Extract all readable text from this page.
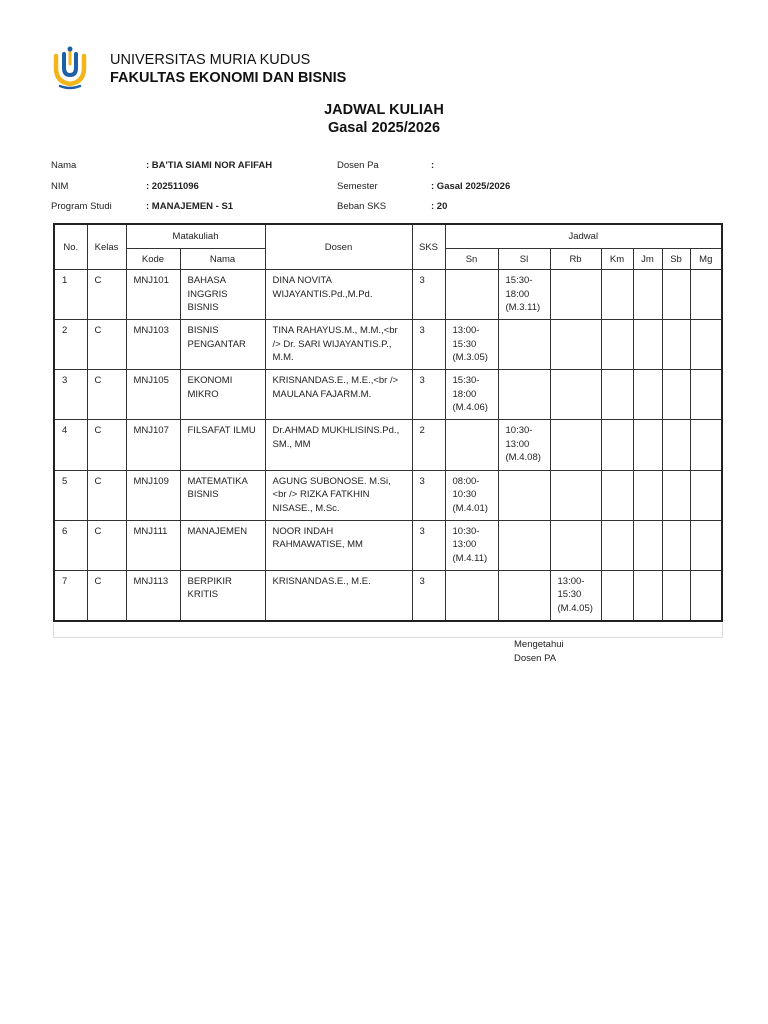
UNIVERSITAS MURIA KUDUS
FAKULTAS EKONOMI DAN BISNIS
JADWAL KULIAH
Gasal 2025/2026
Nama	: BA'TIA SIAMI NOR AFIFAH
NIM	: 202511096
Program Studi	: MANAJEMEN - S1
Dosen Pa	:
Semester	: Gasal 2025/2026
Beban SKS	: 20
No.	Kelas	Matakuliah		Dosen	SKS	Jadwal						
		Kode	Nama			Sn	Sl	Rb	Km	Jm	Sb	Mg
1	C	MNJ101	BAHASA INGGRIS BISNIS	DINA NOVITA WIJAYANTIS.Pd.,M.Pd.	3		15:30-18:00 (M.3.11)					
2	C	MNJ103	BISNIS PENGANTAR	TINA RAHAYUS.M., M.M.,<br /> Dr. SARI WIJAYANTIS.P., M.M.	3	13:00-15:30 (M.3.05)						
3	C	MNJ105	EKONOMI MIKRO	KRISNANDAS.E., M.E.,<br /> MAULANA FAJARM.M.	3	15:30-18:00 (M.4.06)						
4	C	MNJ107	FILSAFAT ILMU	Dr.AHMAD MUKHLISINS.Pd., SM., MM	2		10:30-13:00 (M.4.08)					
5	C	MNJ109	MATEMATIKA BISNIS	AGUNG SUBONOSE. M.Si,<br /> RIZKA FATKHIN NISASE., M.Sc.	3	08:00-10:30 (M.4.01)						
6	C	MNJ111	MANAJEMEN	NOOR INDAH RAHMAWATISE, MM	3	10:30-13:00 (M.4.11)						
7	C	MNJ113	BERPIKIR KRITIS	KRISNANDAS.E., M.E.	3			13:00-15:30 (M.4.05)				
Mengetahui
Dosen PA
